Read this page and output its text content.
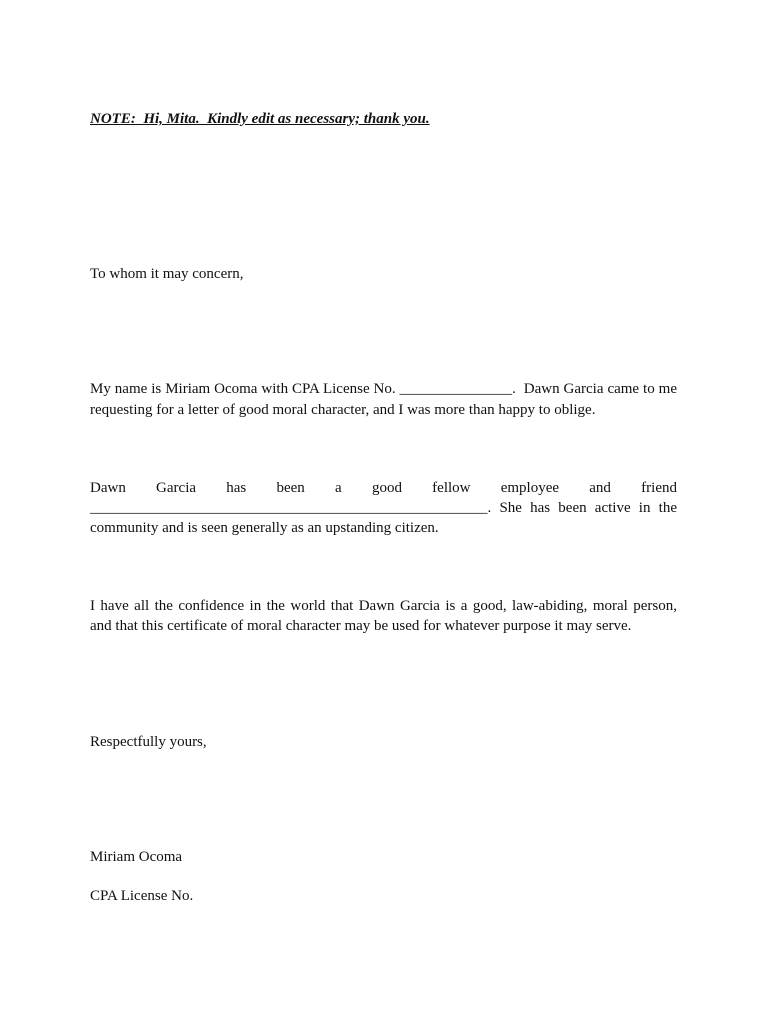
NOTE:  Hi, Mita.  Kindly edit as necessary; thank you.
To whom it may concern,
My name is Miriam Ocoma with CPA License No. _______________.  Dawn Garcia came to me
requesting for a letter of good moral character, and I was more than happy to oblige.
Dawn Garcia has been a good fellow employee and friend
_____________________________________________________. She has been active in the
community and is seen generally as an upstanding citizen.
I have all the confidence in the world that Dawn Garcia is a good, law-abiding, moral person,
and that this certificate of moral character may be used for whatever purpose it may serve.
Respectfully yours,
Miriam Ocoma
CPA License No.
